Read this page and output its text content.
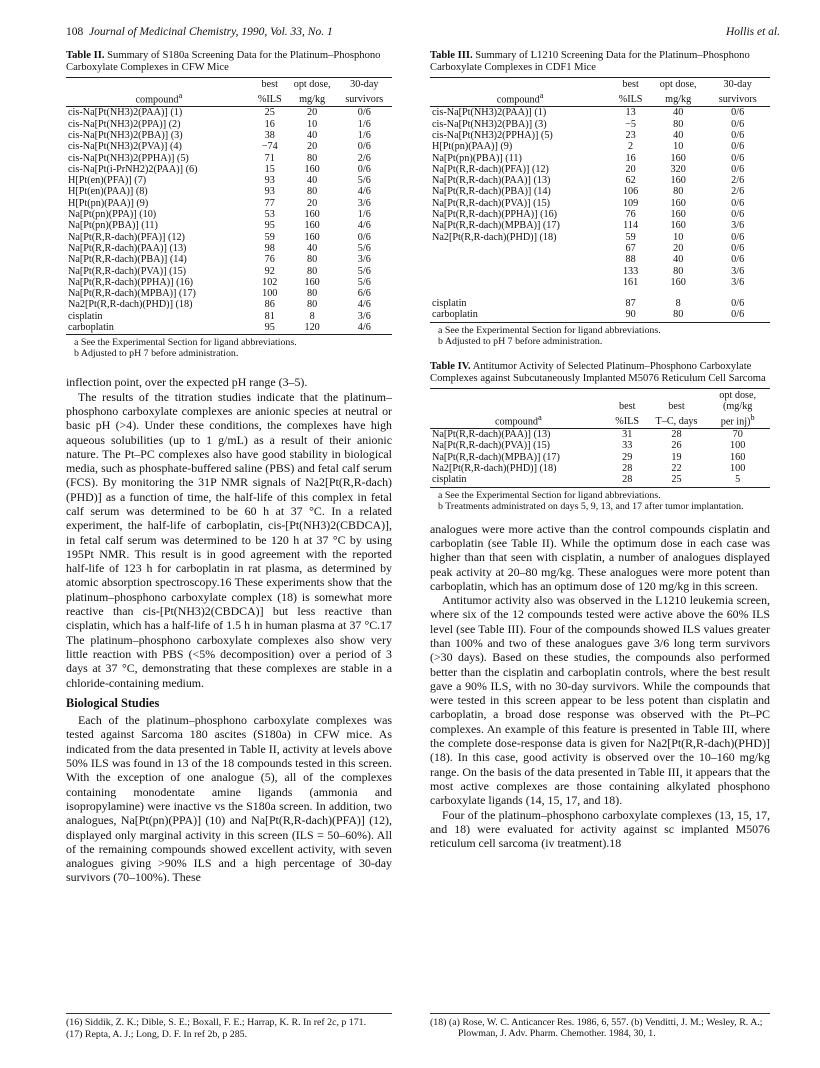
108 Journal of Medicinal Chemistry, 1990, Vol. 33, No. 1	Hollis et al.
Table II. Summary of S180a Screening Data for the Platinum–Phosphono Carboxylate Complexes in CFW Mice
	best	opt dose,	30-day
compound$^a$	%ILS	mg/kg	survivors
cis-Na[Pt(NH3)2(PAA)] (1)	25	20	0/6
cis-Na[Pt(NH3)2(PPA)] (2)	16	10	1/6
cis-Na[Pt(NH3)2(PBA)] (3)	38	40	1/6
cis-Na[Pt(NH3)2(PVA)] (4)	−74	20	0/6
cis-Na[Pt(NH3)2(PPHA)] (5)	71	80	2/6
cis-Na[Pt(i-PrNH2)2(PAA)] (6)	15	160	0/6
H[Pt(en)(PFA)] (7)	93	40	5/6
H[Pt(en)(PAA)] (8)	93	80	4/6
H[Pt(pn)(PAA)] (9)	77	20	3/6
Na[Pt(pn)(PPA)] (10)	53	160	1/6
Na[Pt(pn)(PBA)] (11)	95	160	4/6
Na[Pt(R,R-dach)(PFA)] (12)	59	160	0/6
Na[Pt(R,R-dach)(PAA)] (13)	98	40	5/6
Na[Pt(R,R-dach)(PBA)] (14)	76	80	3/6
Na[Pt(R,R-dach)(PVA)] (15)	92	80	5/6
Na[Pt(R,R-dach)(PPHA)] (16)	102	160	5/6
Na[Pt(R,R-dach)(MPBA)] (17)	100	80	6/6
Na2[Pt(R,R-dach)(PHD)] (18)	86	80	4/6
cisplatin	81	8	3/6
carboplatin	95	120	4/6

a See the Experimental Section for ligand abbreviations.

b Adjusted to pH 7 before administration.

inflection point, over the expected pH range (3–5).

The results of the titration studies indicate that the platinum–phosphono carboxylate complexes are anionic species at neutral or basic pH (>4). Under these conditions, the complexes have high aqueous solubilities (up to 1 g/mL) as a result of their anionic nature. The Pt–PC complexes also have good stability in biological media, such as phosphate-buffered saline (PBS) and fetal calf serum (FCS). By monitoring the 31P NMR signals of Na2[Pt(R,R-dach)(PHD)] as a function of time, the half-life of this complex in fetal calf serum was determined to be 60 h at 37 °C. In a related experiment, the half-life of carboplatin, cis-[Pt(NH3)2(CBDCA)], in fetal calf serum was determined to be 120 h at 37 °C by using 195Pt NMR. This result is in good agreement with the reported half-life of 123 h for carboplatin in rat plasma, as determined by atomic absorption spectroscopy.16 These experiments show that the platinum–phosphono carboxylate complex (18) is somewhat more reactive than cis-[Pt(NH3)2(CBDCA)] but less reactive than cisplatin, which has a half-life of 1.5 h in human plasma at 37 °C.17 The platinum–phosphono carboxylate complexes also show very little reaction with PBS (<5% decomposition) over a period of 3 days at 37 °C, demonstrating that these complexes are stable in a chloride-containing medium.

Biological Studies

Each of the platinum–phosphono carboxylate complexes was tested against Sarcoma 180 ascites (S180a) in CFW mice. As indicated from the data presented in Table II, activity at levels above 50% ILS was found in 13 of the 18 compounds tested in this screen. With the exception of one analogue (5), all of the complexes containing monodentate amine ligands (ammonia and isopropylamine) were inactive vs the S180a screen. In addition, two analogues, Na[Pt(pn)(PPA)] (10) and Na[Pt(R,R-dach)(PFA)] (12), displayed only marginal activity in this screen (ILS = 50–60%). All of the remaining compounds showed excellent activity, with seven analogues giving >90% ILS and a high percentage of 30-day survivors (70–100%). These

Table III. Summary of L1210 Screening Data for the Platinum–Phosphono Carboxylate Complexes in CDF1 Mice
	best	opt dose,	30-day
compound$^a$	%ILS	mg/kg	survivors
cis-Na[Pt(NH3)2(PAA)] (1)	13	40	0/6
cis-Na[Pt(NH3)2(PBA)] (3)	−5	80	0/6
cis-Na[Pt(NH3)2(PPHA)] (5)	23	40	0/6
H[Pt(pn)(PAA)] (9)	2	10	0/6
Na[Pt(pn)(PBA)] (11)	16	160	0/6
Na[Pt(R,R-dach)(PFA)] (12)	20	320	0/6
Na[Pt(R,R-dach)(PAA)] (13)	62	160	2/6
Na[Pt(R,R-dach)(PBA)] (14)	106	80	2/6
Na[Pt(R,R-dach)(PVA)] (15)	109	160	0/6
Na[Pt(R,R-dach)(PPHA)] (16)	76	160	0/6
Na[Pt(R,R-dach)(MPBA)] (17)	114	160	3/6
Na2[Pt(R,R-dach)(PHD)] (18)	59	10	0/6
	67	20	0/6
	88	40	0/6
	133	80	3/6
	161	160	3/6

cisplatin	87	8	0/6
carboplatin	90	80	0/6

a See the Experimental Section for ligand abbreviations.

b Adjusted to pH 7 before administration.

Table IV. Antitumor Activity of Selected Platinum–Phosphono Carboxylate Complexes against Subcutaneously Implanted M5076 Reticulum Cell Sarcoma
			opt dose,
	best	best	(mg/kg
compound$^a$	%ILS	T–C, days	per inj)$^b$
Na[Pt(R,R-dach)(PAA)] (13)	31	28	70
Na[Pt(R,R-dach)(PVA)] (15)	33	26	100
Na[Pt(R,R-dach)(MPBA)] (17)	29	19	160
Na2[Pt(R,R-dach)(PHD)] (18)	28	22	100
cisplatin	28	25	5

a See the Experimental Section for ligand abbreviations.

b Treatments administrated on days 5, 9, 13, and 17 after tumor implantation.

analogues were more active than the control compounds cisplatin and carboplatin (see Table II). While the optimum dose in each case was higher than that seen with cisplatin, a number of analogues displayed peak activity at 20–80 mg/kg. These analogues were more potent than carboplatin, which has an optimum dose of 120 mg/kg in this screen.

Antitumor activity also was observed in the L1210 leukemia screen, where six of the 12 compounds tested were active above the 60% ILS level (see Table III). Four of the compounds showed ILS values greater than 100% and two of these analogues gave 3/6 long term survivors (>30 days). Based on these studies, the compounds also performed better than the cisplatin and carboplatin controls, where the best result gave a 90% ILS, with no 30-day survivors. While the compounds that were tested in this screen appear to be less potent than cisplatin and carboplatin, a broad dose response was observed with the Pt–PC complexes. An example of this feature is presented in Table III, where the complete dose-response data is given for Na2[Pt(R,R-dach)(PHD)] (18). In this case, good activity is observed over the 10–160 mg/kg range. On the basis of the data presented in Table III, it appears that the most active complexes are those containing alkylated phosphono carboxylate ligands (14, 15, 17, and 18).

Four of the platinum–phosphono carboxylate complexes (13, 15, 17, and 18) were evaluated for activity against sc implanted M5076 reticulum cell sarcoma (iv treatment).18

(16) Siddik, Z. K.; Dible, S. E.; Boxall, F. E.; Harrap, K. R. In ref 2c, p 171.

(17) Repta, A. J.; Long, D. F. In ref 2b, p 285.

(18) (a) Rose, W. C. Anticancer Res. 1986, 6, 557. (b) Venditti, J. M.; Wesley, R. A.; Plowman, J. Adv. Pharm. Chemother. 1984, 30, 1.
